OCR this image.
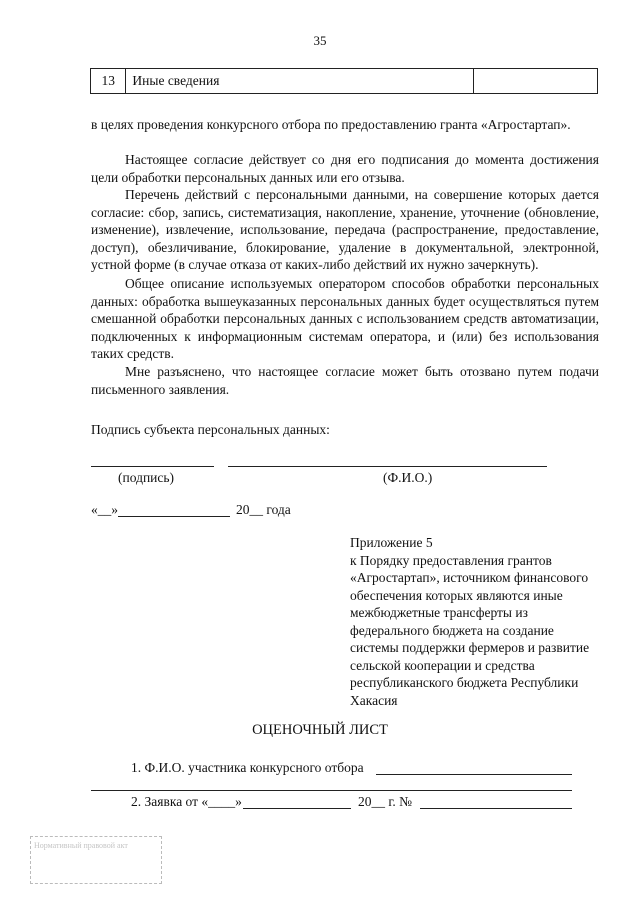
35
13	Иные сведения	
в целях проведения конкурсного отбора по предоставлению гранта «Агростартап».
Настоящее согласие действует со дня его подписания до момента достижения цели обработки персональных данных или его отзыва.
Перечень действий с персональными данными, на совершение которых дается согласие: сбор, запись, систематизация, накопление, хранение, уточнение (обновление, изменение), извлечение, использование, передача (распространение, предоставление, доступ), обезличивание, блокирование, удаление в документальной, электронной, устной форме (в случае отказа от каких-либо действий их нужно зачеркнуть).
Общее описание используемых оператором способов обработки персональных данных: обработка вышеуказанных персональных данных будет осуществляться путем смешанной обработки персональных данных с использованием средств автоматизации, подключенных к информационным системам оператора, и (или) без использования таких средств.
Мне разъяснено, что настоящее согласие может быть отозвано путем подачи письменного заявления.
Подпись субъекта персональных данных:
(подпись)	(Ф.И.О.)
«__»	20__ года
Приложение 5
к Порядку предоставления грантов «Агростартап», источником финансового обеспечения которых являются иные межбюджетные трансферты из федерального бюджета на создание системы поддержки фермеров и развитие сельской кооперации и средства республиканского бюджета Республики Хакасия
ОЦЕНОЧНЫЙ ЛИСТ
1. Ф.И.О. участника конкурсного отбора
2. Заявка от «____»	20__ г. №
Нормативный правовой акт
